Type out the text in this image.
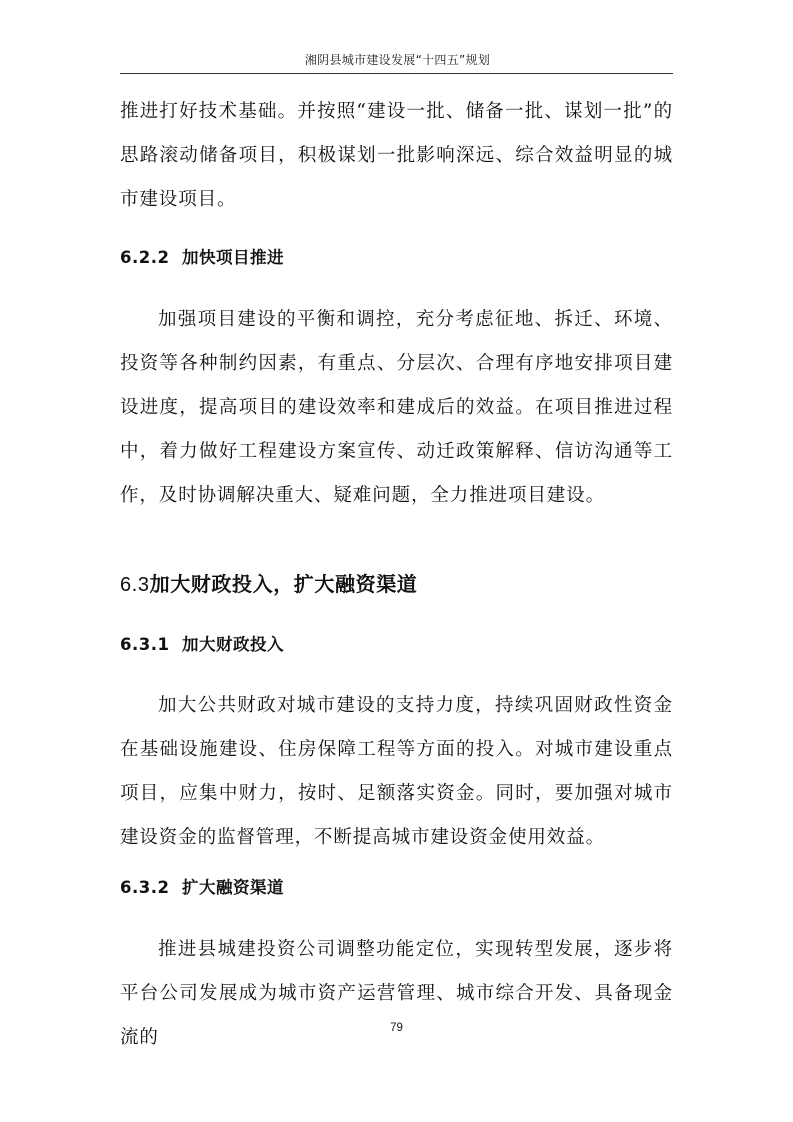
湘阴县城市建设发展“十四五”规划

推进打好技术基础。并按照“建设一批、储备一批、谋划一批”的思路滚动储备项目，积极谋划一批影响深远、综合效益明显的城市建设项目。

6.2.2 加快项目推进

加强项目建设的平衡和调控，充分考虑征地、拆迁、环境、投资等各种制约因素，有重点、分层次、合理有序地安排项目建设进度，提高项目的建设效率和建成后的效益。在项目推进过程中，着力做好工程建设方案宣传、动迁政策解释、信访沟通等工作，及时协调解决重大、疑难问题，全力推进项目建设。

6.3加大财政投入，扩大融资渠道

6.3.1 加大财政投入

加大公共财政对城市建设的支持力度，持续巩固财政性资金在基础设施建设、住房保障工程等方面的投入。对城市建设重点项目，应集中财力，按时、足额落实资金。同时，要加强对城市建设资金的监督管理，不断提高城市建设资金使用效益。

6.3.2 扩大融资渠道

推进县城建投资公司调整功能定位，实现转型发展，逐步将平台公司发展成为城市资产运营管理、城市综合开发、具备现金流的	79
